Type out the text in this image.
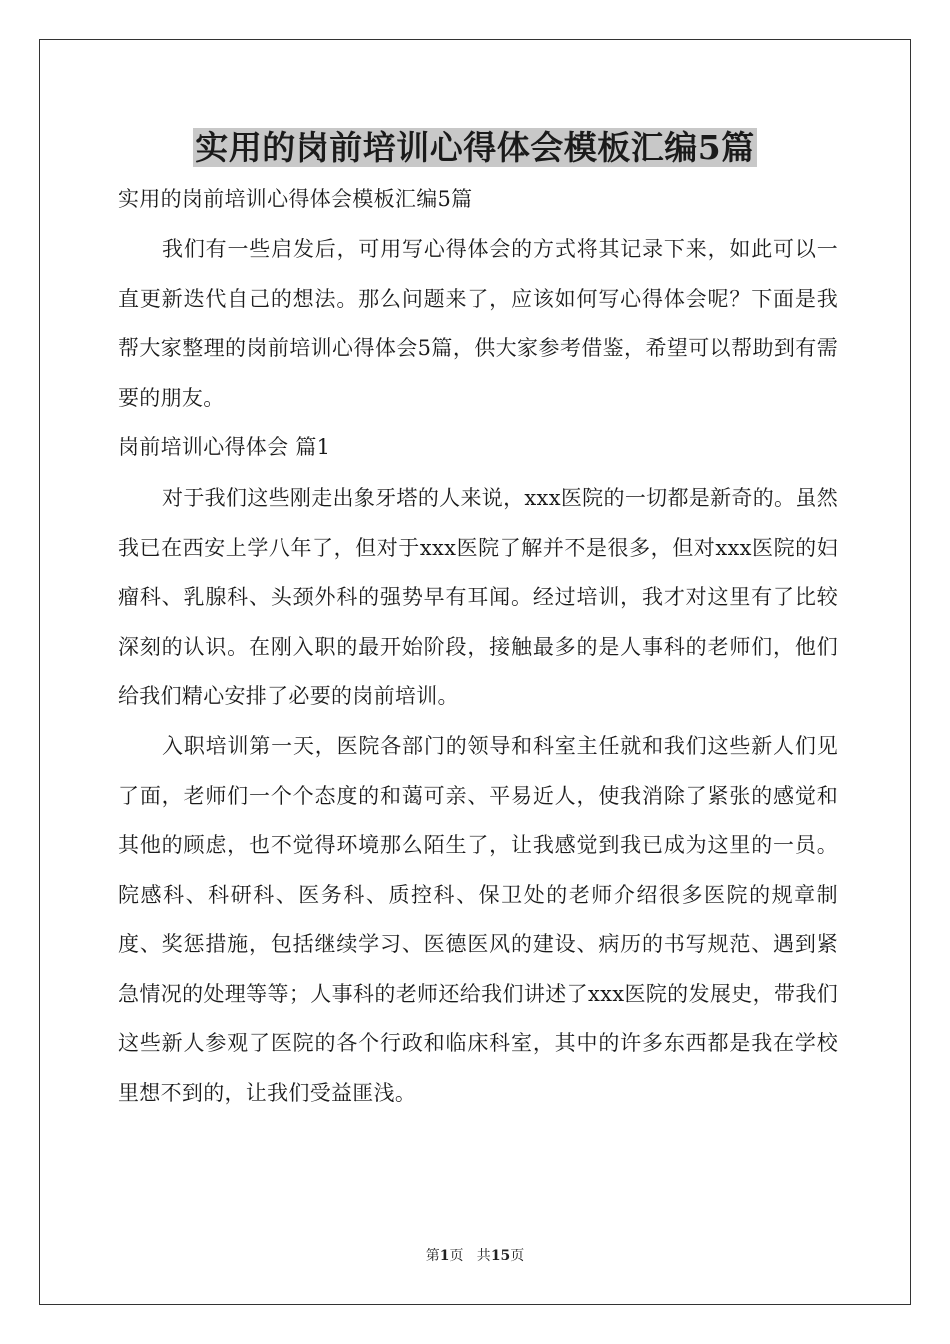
实用的岗前培训心得体会模板汇编5篇
实用的岗前培训心得体会模板汇编5篇
我们有一些启发后，可用写心得体会的方式将其记录下来，如此可以一直更新迭代自己的想法。那么问题来了，应该如何写心得体会呢？下面是我帮大家整理的岗前培训心得体会5篇，供大家参考借鉴，希望可以帮助到有需要的朋友。
岗前培训心得体会 篇1
对于我们这些刚走出象牙塔的人来说，xxx医院的一切都是新奇的。虽然我已在西安上学八年了，但对于xxx医院了解并不是很多，但对xxx医院的妇瘤科、乳腺科、头颈外科的强势早有耳闻。经过培训，我才对这里有了比较深刻的认识。在刚入职的最开始阶段，接触最多的是人事科的老师们，他们给我们精心安排了必要的岗前培训。
入职培训第一天，医院各部门的领导和科室主任就和我们这些新人们见了面，老师们一个个态度的和蔼可亲、平易近人，使我消除了紧张的感觉和其他的顾虑，也不觉得环境那么陌生了，让我感觉到我已成为这里的一员。院感科、科研科、医务科、质控科、保卫处的老师介绍很多医院的规章制度、奖惩措施，包括继续学习、医德医风的建设、病历的书写规范、遇到紧急情况的处理等等；人事科的老师还给我们讲述了xxx医院的发展史，带我们这些新人参观了医院的各个行政和临床科室，其中的许多东西都是我在学校里想不到的，让我们受益匪浅。
第1页   共15页
